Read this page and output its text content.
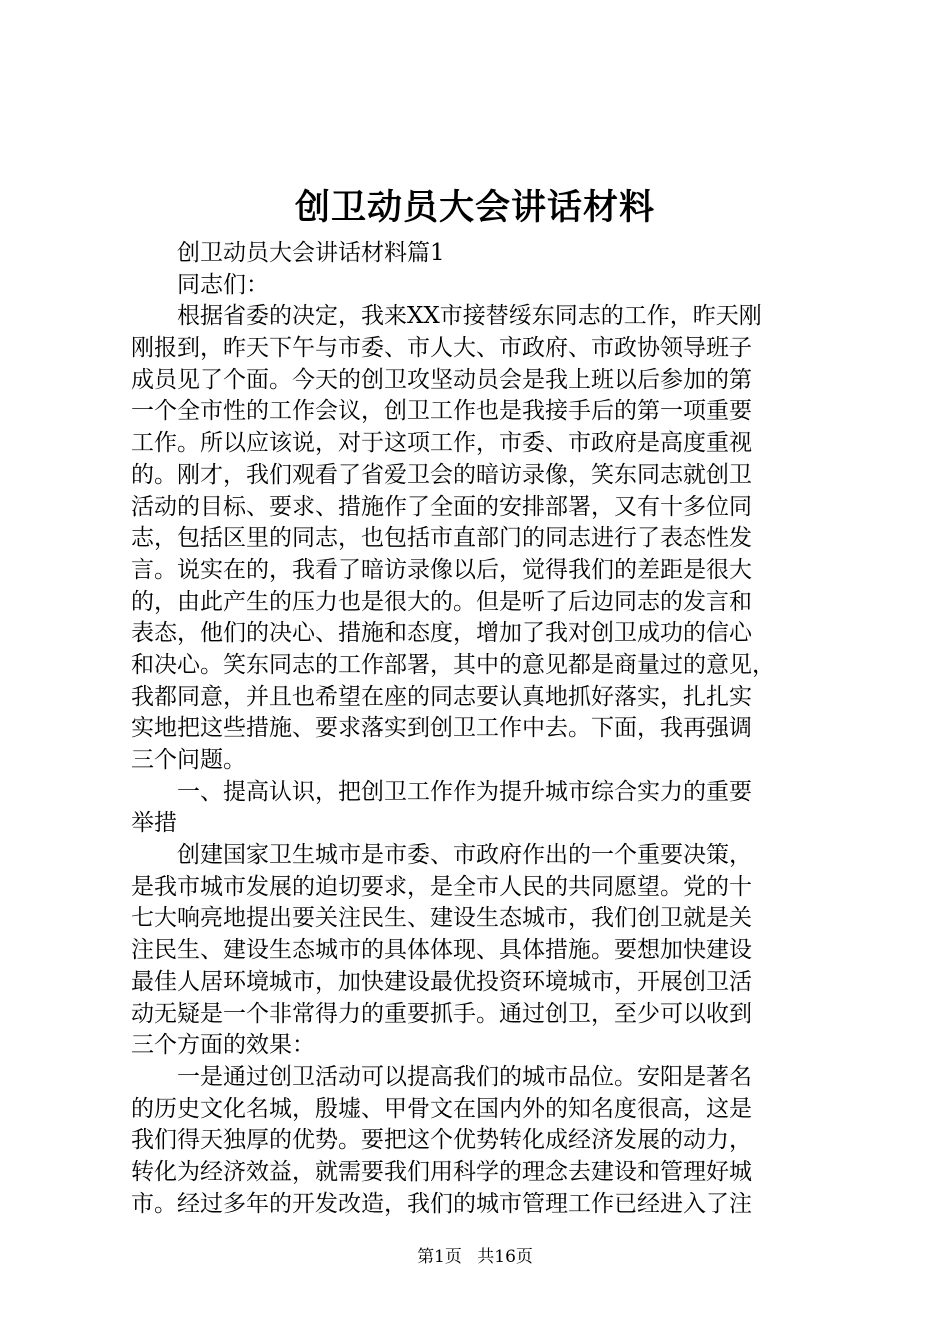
创卫动员大会讲话材料
创卫动员大会讲话材料篇1
同志们：
根据省委的决定，我来XX市接替绥东同志的工作，昨天刚
刚报到，昨天下午与市委、市人大、市政府、市政协领导班子
成员见了个面。今天的创卫攻坚动员会是我上班以后参加的第
一个全市性的工作会议，创卫工作也是我接手后的第一项重要
工作。所以应该说，对于这项工作，市委、市政府是高度重视
的。刚才，我们观看了省爱卫会的暗访录像，笑东同志就创卫
活动的目标、要求、措施作了全面的安排部署，又有十多位同
志，包括区里的同志，也包括市直部门的同志进行了表态性发
言。说实在的，我看了暗访录像以后，觉得我们的差距是很大
的，由此产生的压力也是很大的。但是听了后边同志的发言和
表态，他们的决心、措施和态度，增加了我对创卫成功的信心
和决心。笑东同志的工作部署，其中的意见都是商量过的意见，
我都同意，并且也希望在座的同志要认真地抓好落实，扎扎实
实地把这些措施、要求落实到创卫工作中去。下面，我再强调
三个问题。
一、提高认识，把创卫工作作为提升城市综合实力的重要
举措
创建国家卫生城市是市委、市政府作出的一个重要决策，
是我市城市发展的迫切要求，是全市人民的共同愿望。党的十
七大响亮地提出要关注民生、建设生态城市，我们创卫就是关
注民生、建设生态城市的具体体现、具体措施。要想加快建设
最佳人居环境城市，加快建设最优投资环境城市，开展创卫活
动无疑是一个非常得力的重要抓手。通过创卫，至少可以收到
三个方面的效果：
一是通过创卫活动可以提高我们的城市品位。安阳是著名
的历史文化名城，殷墟、甲骨文在国内外的知名度很高，这是
我们得天独厚的优势。要把这个优势转化成经济发展的动力，
转化为经济效益，就需要我们用科学的理念去建设和管理好城
市。经过多年的开发改造，我们的城市管理工作已经进入了注
第1页 共16页
